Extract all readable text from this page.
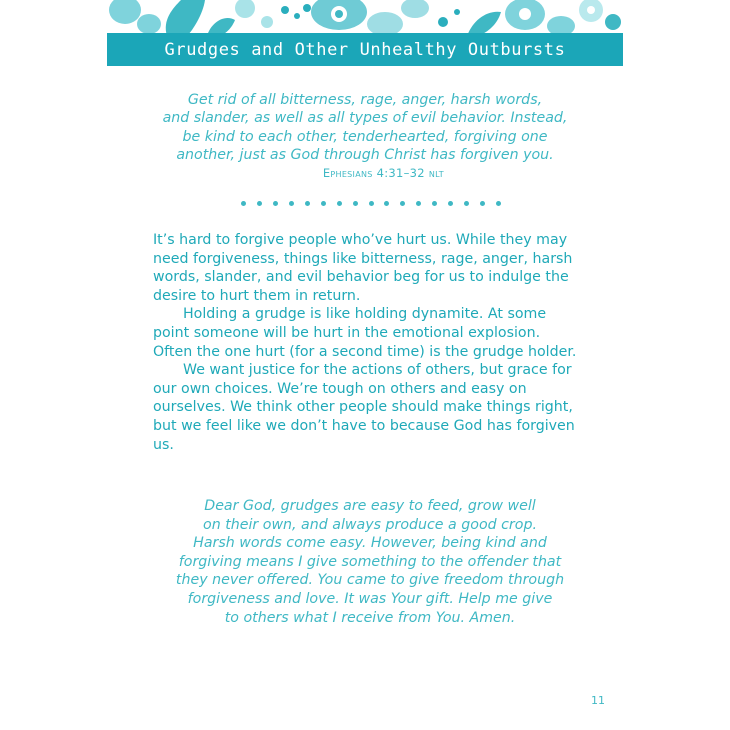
Grudges and Other Unhealthy Outbursts
Get rid of all bitterness, rage, anger, harsh words,
and slander, as well as all types of evil behavior. Instead,
be kind to each other, tenderhearted, forgiving one
another, just as God through Christ has forgiven you.
Ephesians 4:31–32 nlt

It’s hard to forgive people who’ve hurt us. While they may need forgiveness, things like bitterness, rage, anger, harsh words, slander, and evil behavior beg for us to indulge the desire to hurt them in return.

Holding a grudge is like holding dynamite. At some point someone will be hurt in the emotional explosion. Often the one hurt (for a second time) is the grudge holder.

We want justice for the actions of others, but grace for our own choices. We’re tough on others and easy on ourselves. We think other people should make things right, but we feel like we don’t have to because God has forgiven us.

Dear God, grudges are easy to feed, grow well
on their own, and always produce a good crop.
Harsh words come easy. However, being kind and
forgiving means I give something to the offender that
they never offered. You came to give freedom through
forgiveness and love. It was Your gift. Help me give
to others what I receive from You. Amen.
11
